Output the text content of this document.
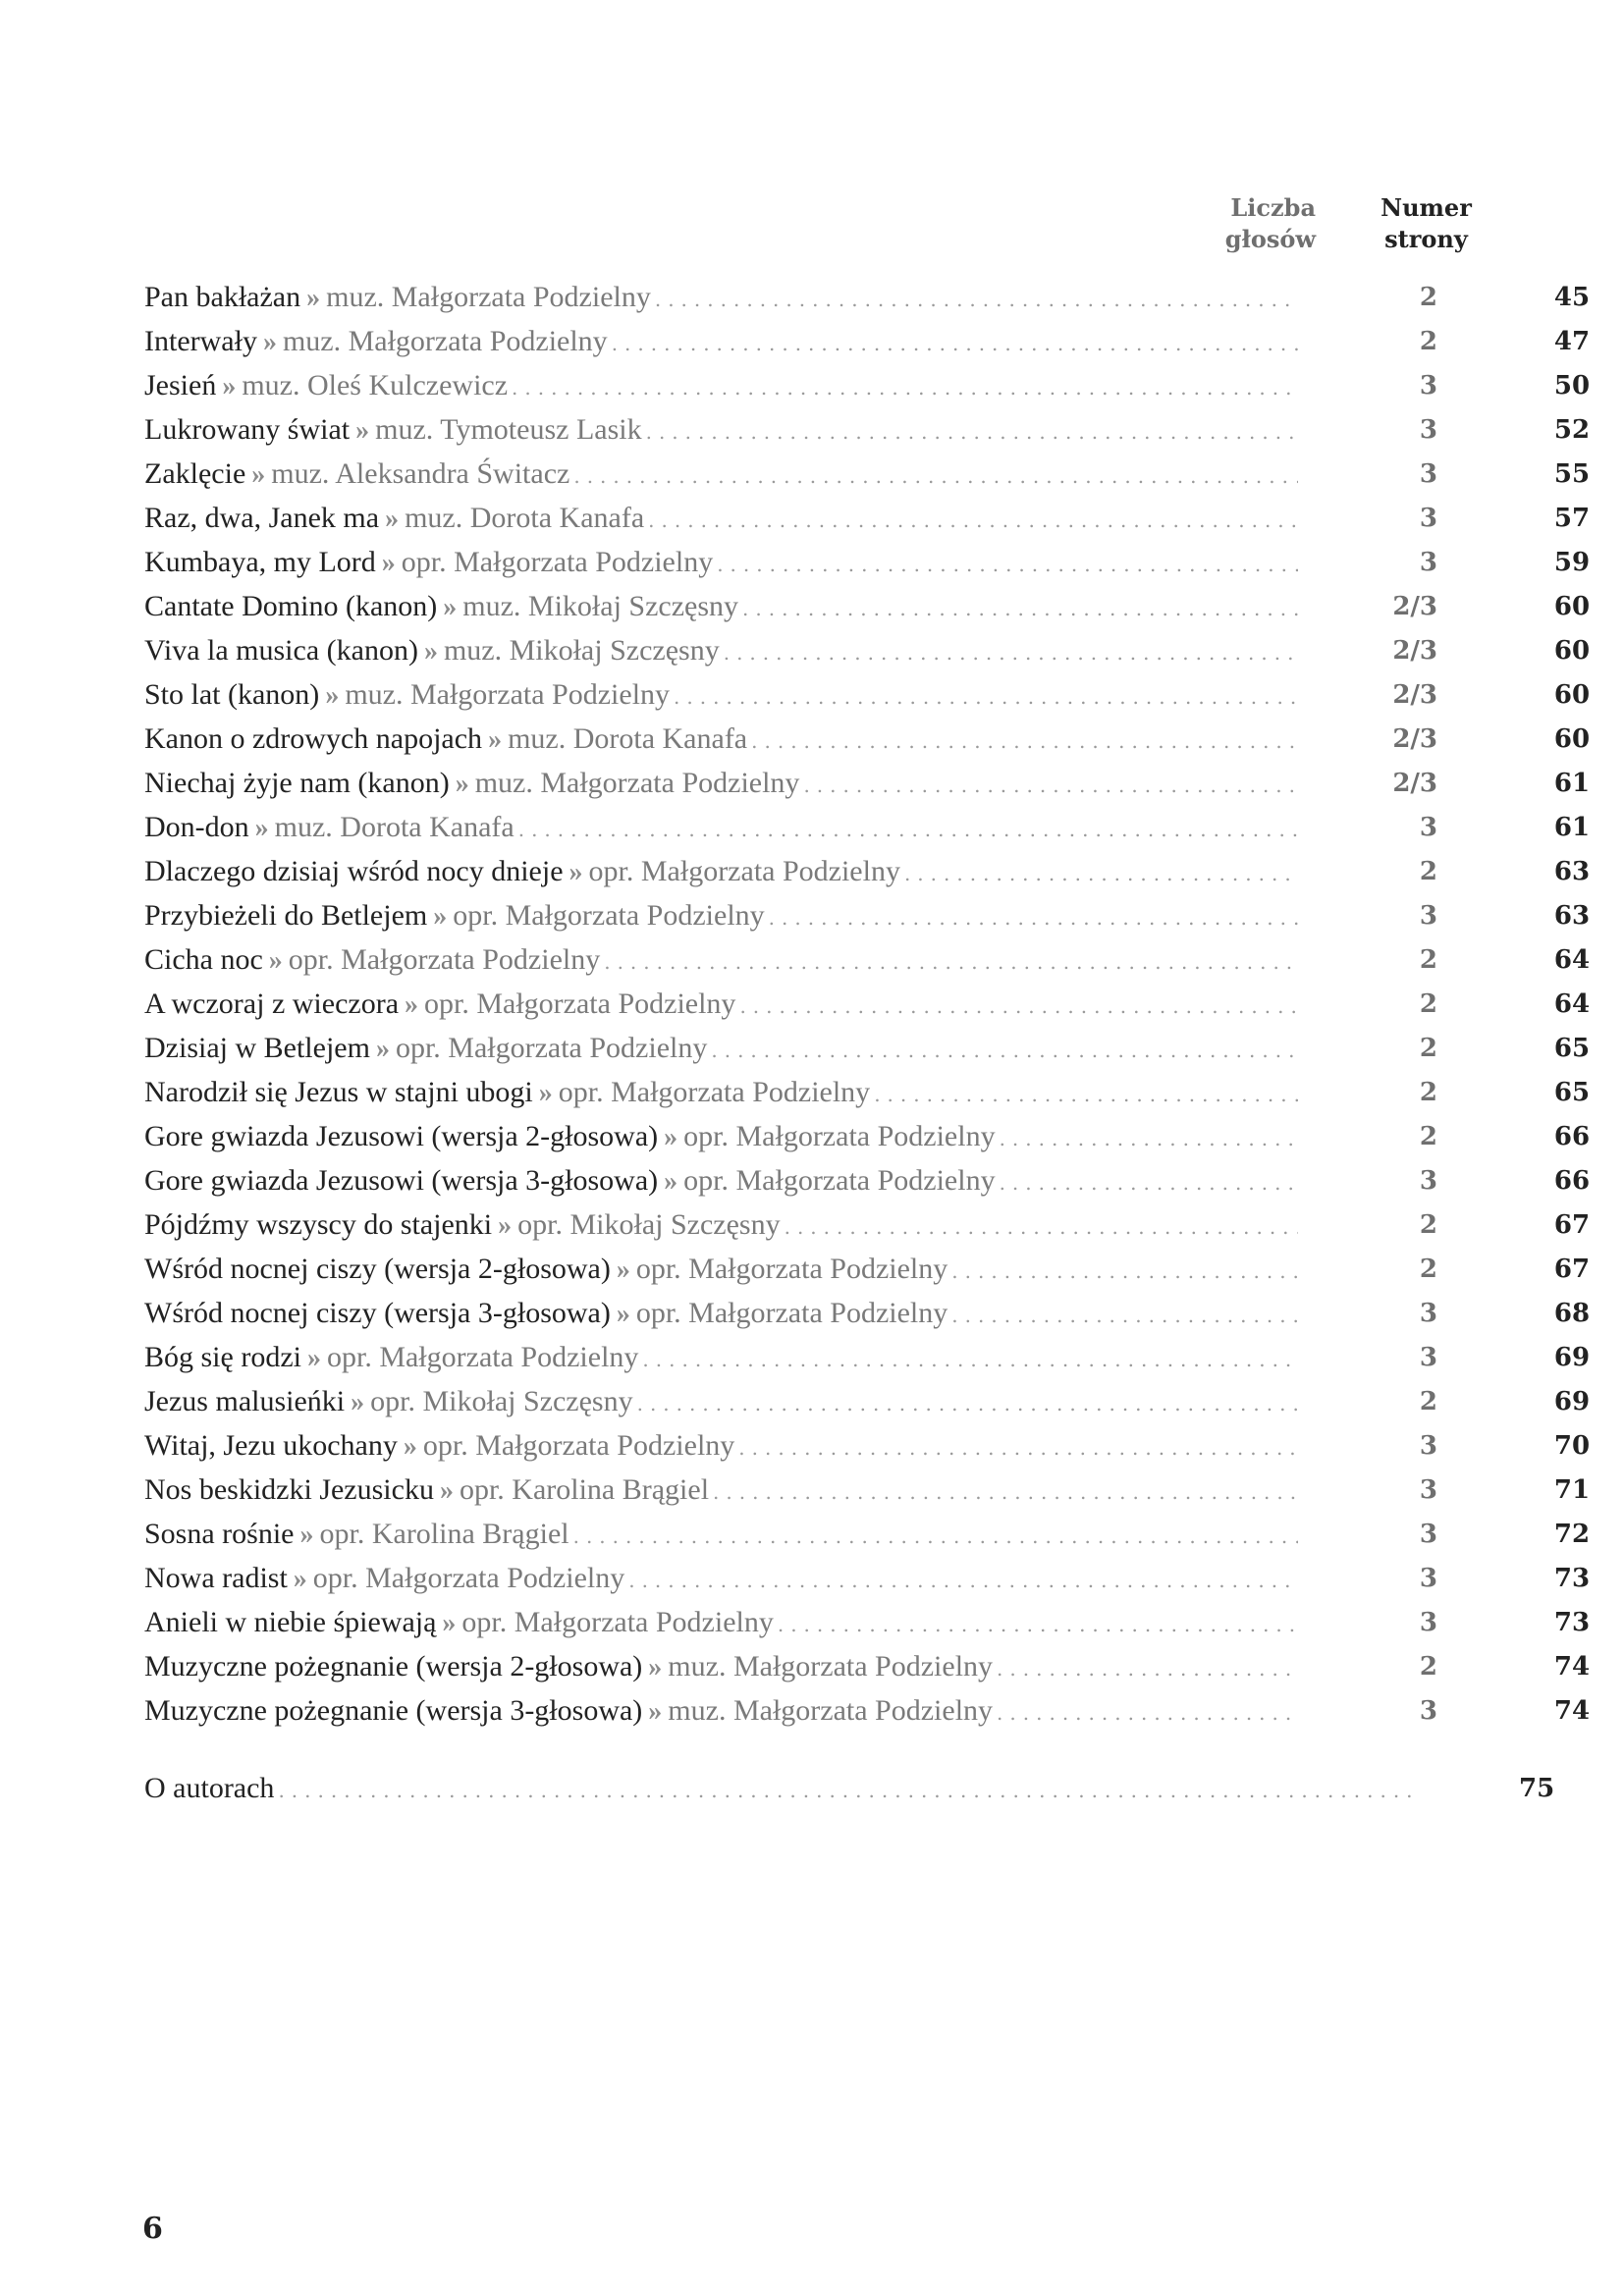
Liczba
głosów
Numer
strony
Pan bakłażan » muz. Małgorzata Podzielny .....	2	45
Interwały » muz. Małgorzata Podzielny .....	2	47
Jesień » muz. Oleś Kulczewicz .....	3	50
Lukrowany świat » muz. Tymoteusz Lasik .....	3	52
Zaklęcie » muz. Aleksandra Świtacz .....	3	55
Raz, dwa, Janek ma » muz. Dorota Kanafa .....	3	57
Kumbaya, my Lord » opr. Małgorzata Podzielny .....	3	59
Cantate Domino (kanon) » muz. Mikołaj Szczęsny .....	2/3	60
Viva la musica (kanon) » muz. Mikołaj Szczęsny .....	2/3	60
Sto lat (kanon) » muz. Małgorzata Podzielny .....	2/3	60
Kanon o zdrowych napojach » muz. Dorota Kanafa .....	2/3	60
Niechaj żyje nam (kanon) » muz. Małgorzata Podzielny .....	2/3	61
Don-don » muz. Dorota Kanafa .....	3	61
Dlaczego dzisiaj wśród nocy dnieje » opr. Małgorzata Podzielny .....	2	63
Przybieżeli do Betlejem » opr. Małgorzata Podzielny .....	3	63
Cicha noc » opr. Małgorzata Podzielny .....	2	64
A wczoraj z wieczora » opr. Małgorzata Podzielny .....	2	64
Dzisiaj w Betlejem » opr. Małgorzata Podzielny .....	2	65
Narodził się Jezus w stajni ubogi » opr. Małgorzata Podzielny .....	2	65
Gore gwiazda Jezusowi (wersja 2-głosowa) » opr. Małgorzata Podzielny .....	2	66
Gore gwiazda Jezusowi (wersja 3-głosowa) » opr. Małgorzata Podzielny .....	3	66
Pójdźmy wszyscy do stajenki » opr. Mikołaj Szczęsny .....	2	67
Wśród nocnej ciszy (wersja 2-głosowa) » opr. Małgorzata Podzielny .....	2	67
Wśród nocnej ciszy (wersja 3-głosowa) » opr. Małgorzata Podzielny .....	3	68
Bóg się rodzi » opr. Małgorzata Podzielny .....	3	69
Jezus malusieńki » opr. Mikołaj Szczęsny .....	2	69
Witaj, Jezu ukochany » opr. Małgorzata Podzielny .....	3	70
Nos beskidzki Jezusicku » opr. Karolina Brągiel .....	3	71
Sosna rośnie » opr. Karolina Brągiel .....	3	72
Nowa radist » opr. Małgorzata Podzielny .....	3	73
Anieli w niebie śpiewają » opr. Małgorzata Podzielny .....	3	73
Muzyczne pożegnanie (wersja 2-głosowa) » muz. Małgorzata Podzielny .....	2	74
Muzyczne pożegnanie (wersja 3-głosowa) » muz. Małgorzata Podzielny .....	3	74
O autorach .....	75
6
